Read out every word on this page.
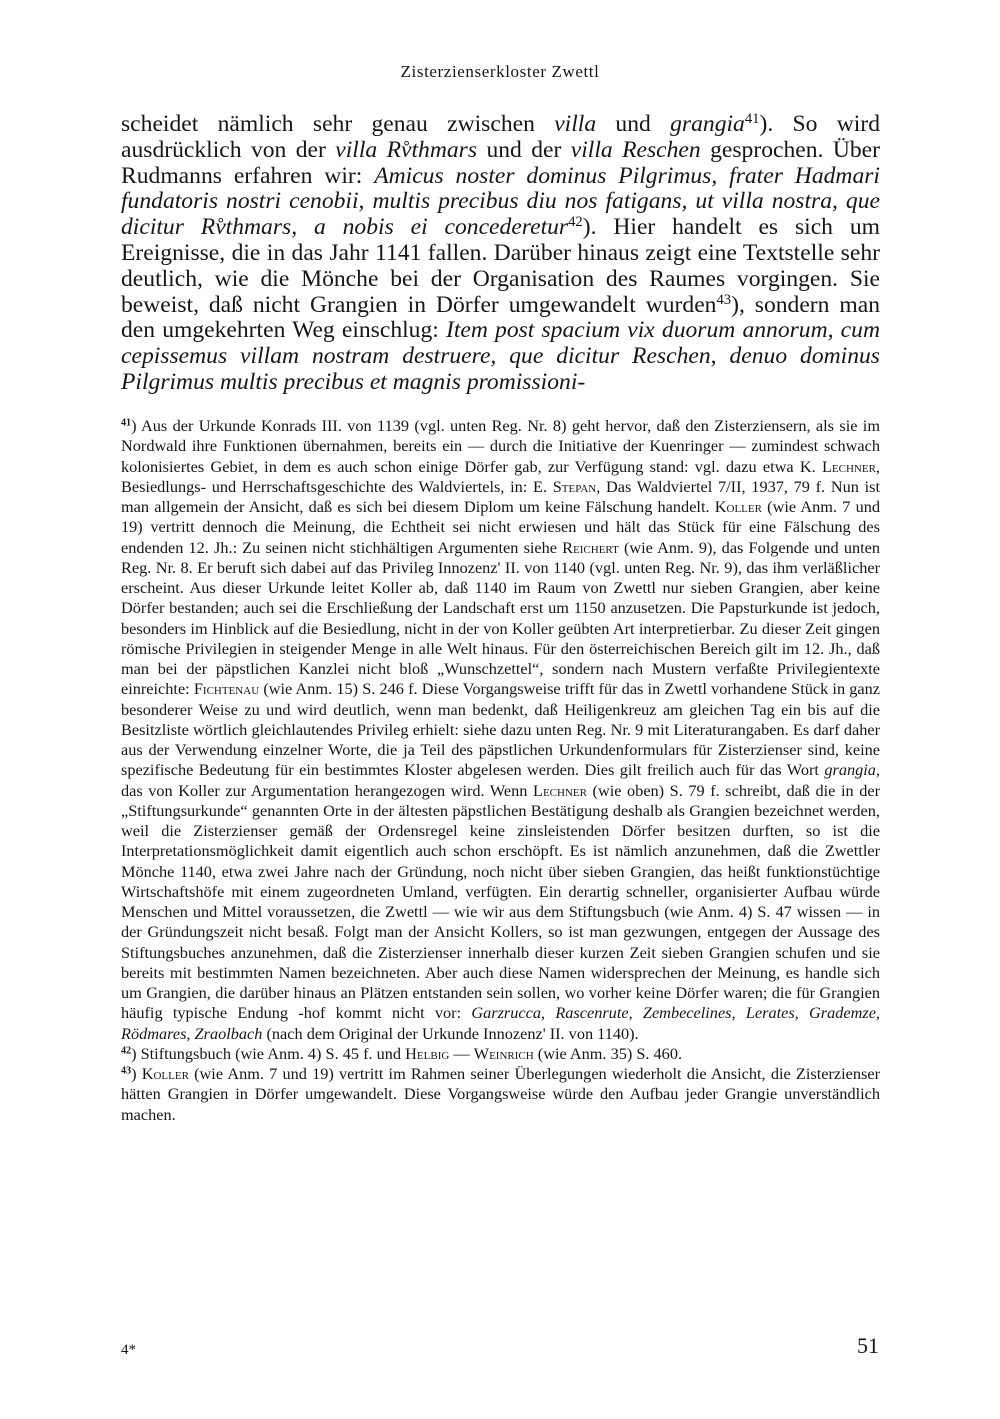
Zisterzienserkloster Zwettl

scheidet nämlich sehr genau zwischen villa und grangia$^{41}$). So wird ausdrücklich von der villa Rv̊thmars und der villa Reschen gesprochen. Über Rudmanns erfahren wir: Amicus noster dominus Pilgrimus, frater Hadmari fundatoris nostri cenobii, multis precibus diu nos fatigans, ut villa nostra, que dicitur Rv̊thmars, a nobis ei concederetur$^{42}$). Hier handelt es sich um Ereignisse, die in das Jahr 1141 fallen. Darüber hinaus zeigt eine Textstelle sehr deutlich, wie die Mönche bei der Organisation des Raumes vorgingen. Sie beweist, daß nicht Grangien in Dörfer umgewandelt wurden$^{43}$), sondern man den umgekehrten Weg einschlug: Item post spacium vix duorum annorum, cum cepissemus villam nostram destruere, que dicitur Reschen, denuo dominus Pilgrimus multis precibus et magnis promissioni-

$^{41}$) Aus der Urkunde Konrads III. von 1139 (vgl. unten Reg. Nr. 8) geht hervor, daß den Zisterziensern, als sie im Nordwald ihre Funktionen übernahmen, bereits ein — durch die Initiative der Kuenringer — zumindest schwach kolonisiertes Gebiet, in dem es auch schon einige Dörfer gab, zur Verfügung stand: vgl. dazu etwa K. Lechner, Besiedlungs- und Herrschaftsgeschichte des Waldviertels, in: E. Stepan, Das Waldviertel 7/II, 1937, 79 f. Nun ist man allgemein der Ansicht, daß es sich bei diesem Diplom um keine Fälschung handelt. Koller (wie Anm. 7 und 19) vertritt dennoch die Meinung, die Echtheit sei nicht erwiesen und hält das Stück für eine Fälschung des endenden 12. Jh.: Zu seinen nicht stichhältigen Argumenten siehe Reichert (wie Anm. 9), das Folgende und unten Reg. Nr. 8. Er beruft sich dabei auf das Privileg Innozenz' II. von 1140 (vgl. unten Reg. Nr. 9), das ihm verläßlicher erscheint. Aus dieser Urkunde leitet Koller ab, daß 1140 im Raum von Zwettl nur sieben Grangien, aber keine Dörfer bestanden; auch sei die Erschließung der Landschaft erst um 1150 anzusetzen. Die Papsturkunde ist jedoch, besonders im Hinblick auf die Besiedlung, nicht in der von Koller geübten Art interpretierbar. Zu dieser Zeit gingen römische Privilegien in steigender Menge in alle Welt hinaus. Für den österreichischen Bereich gilt im 12. Jh., daß man bei der päpstlichen Kanzlei nicht bloß „Wunschzettel“, sondern nach Mustern verfaßte Privilegientexte einreichte: Fichtenau (wie Anm. 15) S. 246 f. Diese Vorgangsweise trifft für das in Zwettl vorhandene Stück in ganz besonderer Weise zu und wird deutlich, wenn man bedenkt, daß Heiligenkreuz am gleichen Tag ein bis auf die Besitzliste wörtlich gleichlautendes Privileg erhielt: siehe dazu unten Reg. Nr. 9 mit Literaturangaben. Es darf daher aus der Verwendung einzelner Worte, die ja Teil des päpstlichen Urkundenformulars für Zisterzienser sind, keine spezifische Bedeutung für ein bestimmtes Kloster abgelesen werden. Dies gilt freilich auch für das Wort grangia, das von Koller zur Argumentation herangezogen wird. Wenn Lechner (wie oben) S. 79 f. schreibt, daß die in der „Stiftungsurkunde“ genannten Orte in der ältesten päpstlichen Bestätigung deshalb als Grangien bezeichnet werden, weil die Zisterzienser gemäß der Ordensregel keine zinsleistenden Dörfer besitzen durften, so ist die Interpretationsmöglichkeit damit eigentlich auch schon erschöpft. Es ist nämlich anzunehmen, daß die Zwettler Mönche 1140, etwa zwei Jahre nach der Gründung, noch nicht über sieben Grangien, das heißt funktionstüchtige Wirtschaftshöfe mit einem zugeordneten Umland, verfügten. Ein derartig schneller, organisierter Aufbau würde Menschen und Mittel voraussetzen, die Zwettl — wie wir aus dem Stiftungsbuch (wie Anm. 4) S. 47 wissen — in der Gründungszeit nicht besaß. Folgt man der Ansicht Kollers, so ist man gezwungen, entgegen der Aussage des Stiftungsbuches anzunehmen, daß die Zisterzienser innerhalb dieser kurzen Zeit sieben Grangien schufen und sie bereits mit bestimmten Namen bezeichneten. Aber auch diese Namen widersprechen der Meinung, es handle sich um Grangien, die darüber hinaus an Plätzen entstanden sein sollen, wo vorher keine Dörfer waren; die für Grangien häufig typische Endung -hof kommt nicht vor: Garzrucca, Rascenrute, Zembecelines, Lerates, Grademze, Rödmares, Zraolbach (nach dem Original der Urkunde Innozenz' II. von 1140).

$^{42}$) Stiftungsbuch (wie Anm. 4) S. 45 f. und Helbig — Weinrich (wie Anm. 35) S. 460.

$^{43}$) Koller (wie Anm. 7 und 19) vertritt im Rahmen seiner Überlegungen wiederholt die Ansicht, die Zisterzienser hätten Grangien in Dörfer umgewandelt. Diese Vorgangsweise würde den Aufbau jeder Grangie unverständlich machen.

4*	51
